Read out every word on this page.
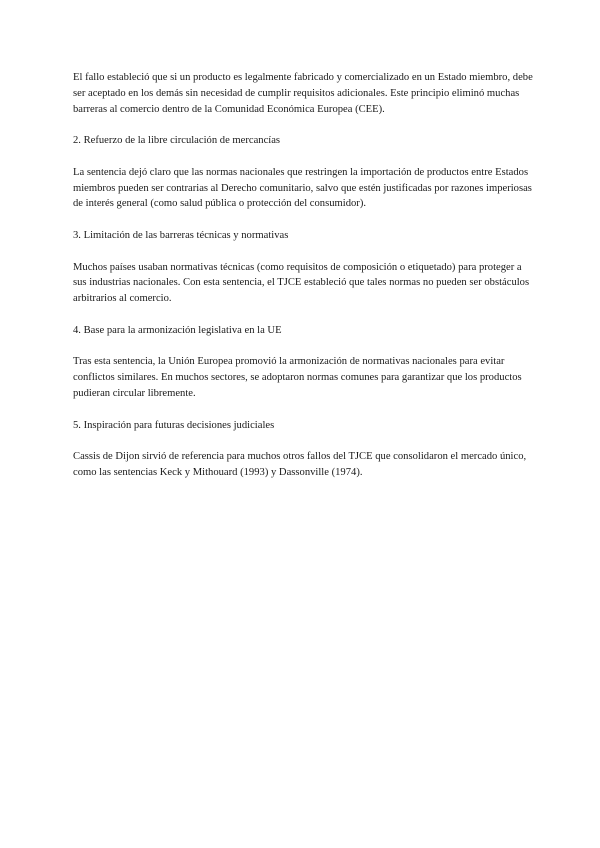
El fallo estableció que si un producto es legalmente fabricado y comercializado en un Estado miembro, debe ser aceptado en los demás sin necesidad de cumplir requisitos adicionales. Este principio eliminó muchas barreras al comercio dentro de la Comunidad Económica Europea (CEE).

2. Refuerzo de la libre circulación de mercancías

La sentencia dejó claro que las normas nacionales que restringen la importación de productos entre Estados miembros pueden ser contrarias al Derecho comunitario, salvo que estén justificadas por razones imperiosas de interés general (como salud pública o protección del consumidor).

3. Limitación de las barreras técnicas y normativas

Muchos países usaban normativas técnicas (como requisitos de composición o etiquetado) para proteger a sus industrias nacionales. Con esta sentencia, el TJCE estableció que tales normas no pueden ser obstáculos arbitrarios al comercio.

4. Base para la armonización legislativa en la UE

Tras esta sentencia, la Unión Europea promovió la armonización de normativas nacionales para evitar conflictos similares. En muchos sectores, se adoptaron normas comunes para garantizar que los productos pudieran circular libremente.

5. Inspiración para futuras decisiones judiciales

Cassis de Dijon sirvió de referencia para muchos otros fallos del TJCE que consolidaron el mercado único, como las sentencias Keck y Mithouard (1993) y Dassonville (1974).
